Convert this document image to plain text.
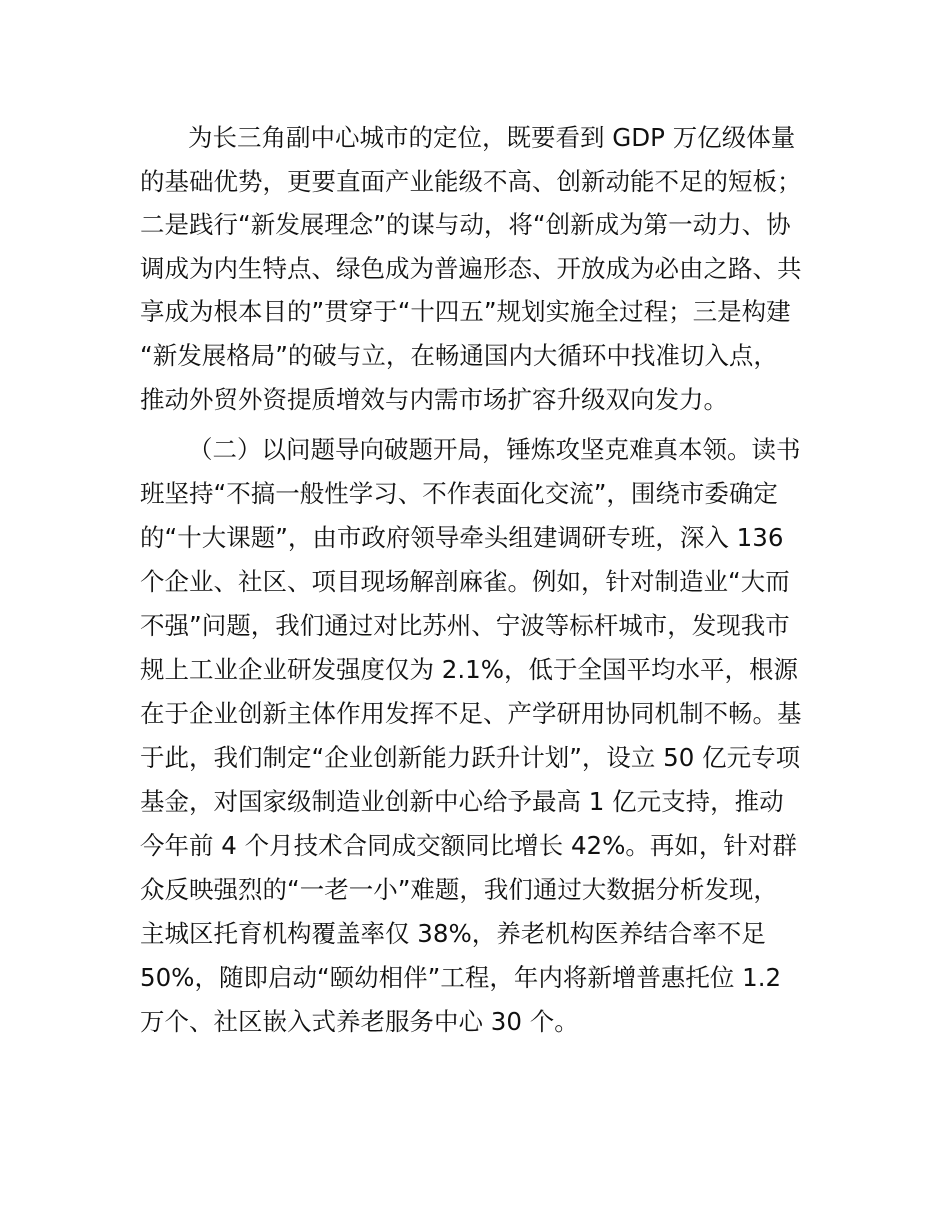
为长三角副中心城市的定位，既要看到 GDP 万亿级体量
的基础优势，更要直面产业能级不高、创新动能不足的短板；
二是践行“新发展理念”的谋与动，将“创新成为第一动力、协
调成为内生特点、绿色成为普遍形态、开放成为必由之路、共
享成为根本目的”贯穿于“十四五”规划实施全过程；三是构建
“新发展格局”的破与立，在畅通国内大循环中找准切入点，
推动外贸外资提质增效与内需市场扩容升级双向发力。
（二）以问题导向破题开局，锤炼攻坚克难真本领。读书
班坚持“不搞一般性学习、不作表面化交流”，围绕市委确定
的“十大课题”，由市政府领导牵头组建调研专班，深入 136
个企业、社区、项目现场解剖麻雀。例如，针对制造业“大而
不强”问题，我们通过对比苏州、宁波等标杆城市，发现我市
规上工业企业研发强度仅为 2.1%，低于全国平均水平，根源
在于企业创新主体作用发挥不足、产学研用协同机制不畅。基
于此，我们制定“企业创新能力跃升计划”，设立 50 亿元专项
基金，对国家级制造业创新中心给予最高 1 亿元支持，推动
今年前 4 个月技术合同成交额同比增长 42%。再如，针对群
众反映强烈的“一老一小”难题，我们通过大数据分析发现，
主城区托育机构覆盖率仅 38%，养老机构医养结合率不足
50%，随即启动“颐幼相伴”工程，年内将新增普惠托位 1.2
万个、社区嵌入式养老服务中心 30 个。
